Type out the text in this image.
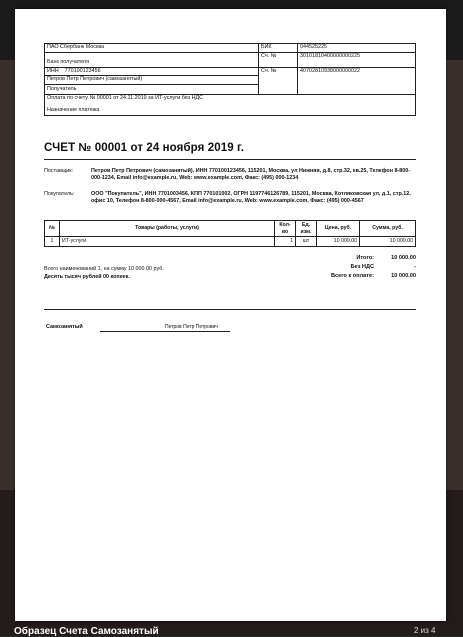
ПАО Сбербанк Москва	БИК	044525225
Банк получателя	Сч. №	30101810400000000225
ИНН 770100123456	Сч. №	40702810938000000022
Петров Петр Петрович (самозанятый)		
Получатель		

Оплата по счету № 00001 от 24.11.2019 за ИТ-услуги без НДС
Назначение платежа		
СЧЕТ № 00001 от 24 ноября 2019 г.
Поставщик:	Петров Петр Петрович (самозанятый), ИНН 770100123456, 115201, Москва, ул Нижняя, д.8, стр.32, кв.25, Телефон 8-800-000-1234, Email info@example.ru, Web: www.example.com, Факс: (495) 000-1234
Покупатель:	ООО "Покупатель", ИНН 7701003456, КПП 770101002, ОГРН 1197746126789, 115201, Москва, Котляковская ул, д.1, стр.12, офис 10, Телефон 8-800-000-4567, Email info@example.ru, Web: www.example.com, Факс: (495) 000-4567
№	Товары (работы, услуги)	Кол-во	Ед. изм.	Цена, руб.	Сумма, руб.
1	ИТ-услуги	1	шт	10 000.00	10 000.00
Итого:	10 000.00
Без НДС	-
Всего к оплате:	10 000.00
Всего наименований 1, на сумму 10 000.00 руб.
Десять тысяч рублей 00 копеек.
Самозанятый	Петров Петр Петрович
Образец Счета Самозанятый	2 из 4
